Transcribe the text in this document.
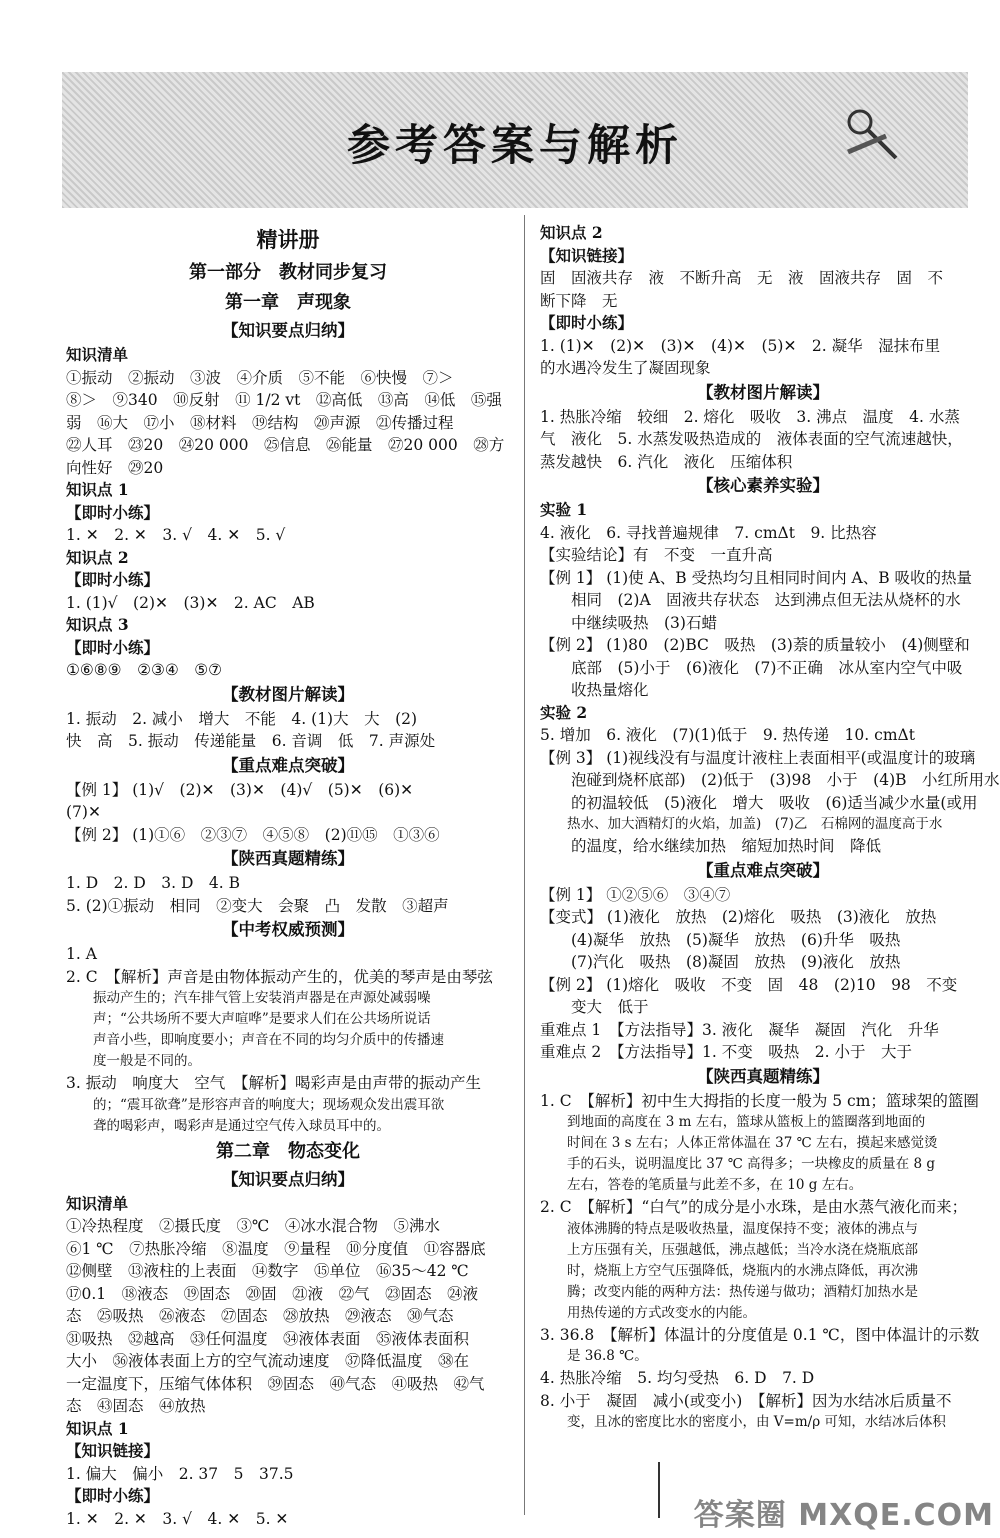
参考答案与解析
精讲册
第一部分　教材同步复习
第一章　声现象
【知识要点归纳】
知识清单
①振动　②振动　③波　④介质　⑤不能　⑥快慢　⑦＞
⑧＞　⑨340　⑩反射　⑪ 1/2 vt　⑫高低　⑬高　⑭低　⑮强
弱　⑯大　⑰小　⑱材料　⑲结构　⑳声源　㉑传播过程
㉒人耳　㉓20　㉔20 000　㉕信息　㉖能量　㉗20 000　㉘方
向性好　㉙20
知识点 1
【即时小练】
1. ✕　2. ✕　3. √　4. ✕　5. √
知识点 2
【即时小练】
1. (1)√　(2)✕　(3)✕　2. AC　AB
知识点 3
【即时小练】
①⑥⑧⑨　②③④　⑤⑦
【教材图片解读】
1. 振动　2. 减小　增大　不能　4. (1)大　大　(2)
快　高　5. 振动　传递能量　6. 音调　低　7. 声源处
【重点难点突破】
【例 1】 (1)√　(2)✕　(3)✕　(4)√　(5)✕　(6)✕
(7)✕
【例 2】 (1)①⑥　②③⑦　④⑤⑧　(2)⑪⑮　①③⑥
【陕西真题精练】
1. D　2. D　3. D　4. B
5. (2)①振动　相同　②变大　会聚　凸　发散　③超声
【中考权威预测】
1. A
2. C　【解析】声音是由物体振动产生的，优美的琴声是由琴弦
　　振动产生的；汽车排气管上安装消声器是在声源处减弱噪
　　声；“公共场所不要大声喧哗”是要求人们在公共场所说话
　　声音小些，即响度要小；声音在不同的均匀介质中的传播速
　　度一般是不同的。
3. 振动　响度大　空气　【解析】喝彩声是由声带的振动产生
　　的；“震耳欲聋”是形容声音的响度大；现场观众发出震耳欲
　　聋的喝彩声，喝彩声是通过空气传入球员耳中的。
第二章　物态变化
【知识要点归纳】
知识清单
①冷热程度　②摄氏度　③℃　④冰水混合物　⑤沸水
⑥1 ℃　⑦热胀冷缩　⑧温度　⑨量程　⑩分度值　⑪容器底
⑫侧壁　⑬液柱的上表面　⑭数字　⑮单位　⑯35～42 ℃
⑰0.1　⑱液态　⑲固态　⑳固　㉑液　㉒气　㉓固态　㉔液
态　㉕吸热　㉖液态　㉗固态　㉘放热　㉙液态　㉚气态
㉛吸热　㉜越高　㉝任何温度　㉞液体表面　㉟液体表面积
大小　㊱液体表面上方的空气流动速度　㊲降低温度　㊳在
一定温度下，压缩气体体积　㊴固态　㊵气态　㊶吸热　㊷气
态　㊸固态　㊹放热
知识点 1
【知识链接】
1. 偏大　偏小　2. 37　5　37.5
【即时小练】
1. ✕　2. ✕　3. √　4. ✕　5. ✕
知识点 2
【知识链接】
固　固液共存　液　不断升高　无　液　固液共存　固　不
断下降　无
【即时小练】
1. (1)✕　(2)✕　(3)✕　(4)✕　(5)✕　2. 凝华　湿抹布里
的水遇冷发生了凝固现象
【教材图片解读】
1. 热胀冷缩　较细　2. 熔化　吸收　3. 沸点　温度　4. 水蒸
气　液化　5. 水蒸发吸热造成的　液体表面的空气流速越快，
蒸发越快　6. 汽化　液化　压缩体积
【核心素养实验】
实验 1
4. 液化　6. 寻找普遍规律　7. cmΔt　9. 比热容
【实验结论】有　不变　一直升高
【例 1】 (1)使 A、B 受热均匀且相同时间内 A、B 吸收的热量
　　相同　(2)A　固液共存状态　达到沸点但无法从烧杯的水
　　中继续吸热　(3)石蜡
【例 2】 (1)80　(2)BC　吸热　(3)萘的质量较小　(4)侧壁和
　　底部　(5)小于　(6)液化　(7)不正确　冰从室内空气中吸
　　收热量熔化
实验 2
5. 增加　6. 液化　(7)(1)低于　9. 热传递　10. cmΔt
【例 3】 (1)视线没有与温度计液柱上表面相平(或温度计的玻璃
　　泡碰到烧杯底部)　(2)低于　(3)98　小于　(4)B　小红所用水
　　的初温较低　(5)液化　增大　吸收　(6)适当减少水量(或用
　　热水、加大酒精灯的火焰，加盖)　(7)乙　石棉网的温度高于水
　　的温度，给水继续加热　缩短加热时间　降低
【重点难点突破】
【例 1】 ①②⑤⑥　③④⑦
【变式】 (1)液化　放热　(2)熔化　吸热　(3)液化　放热
　　(4)凝华　放热　(5)凝华　放热　(6)升华　吸热
　　(7)汽化　吸热　(8)凝固　放热　(9)液化　放热
【例 2】 (1)熔化　吸收　不变　固　48　(2)10　98　不变
　　变大　低于
重难点 1　【方法指导】3. 液化　凝华　凝固　汽化　升华
重难点 2　【方法指导】1. 不变　吸热　2. 小于　大于
【陕西真题精练】
1. C　【解析】初中生大拇指的长度一般为 5 cm；篮球架的篮圈
　　到地面的高度在 3 m 左右，篮球从篮板上的篮圈落到地面的
　　时间在 3 s 左右；人体正常体温在 37 ℃ 左右，摸起来感觉烫
　　手的石头，说明温度比 37 ℃ 高得多；一块橡皮的质量在 8 g
　　左右，答卷的笔质量与此差不多，在 10 g 左右。
2. C　【解析】“白气”的成分是小水珠，是由水蒸气液化而来；
　　液体沸腾的特点是吸收热量，温度保持不变；液体的沸点与
　　上方压强有关，压强越低，沸点越低；当冷水浇在烧瓶底部
　　时，烧瓶上方空气压强降低，烧瓶内的水沸点降低，再次沸
　　腾；改变内能的两种方法：热传递与做功；酒精灯加热水是
　　用热传递的方式改变水的内能。
3. 36.8　【解析】体温计的分度值是 0.1 ℃，图中体温计的示数
　　是 36.8 ℃。
4. 热胀冷缩　5. 均匀受热　6. D　7. D
8. 小于　凝固　减小(或变小)　【解析】因为水结冰后质量不
　　变，且冰的密度比水的密度小，由 V=m/ρ 可知，水结冰后体积
答案圈 MXQE.COM
